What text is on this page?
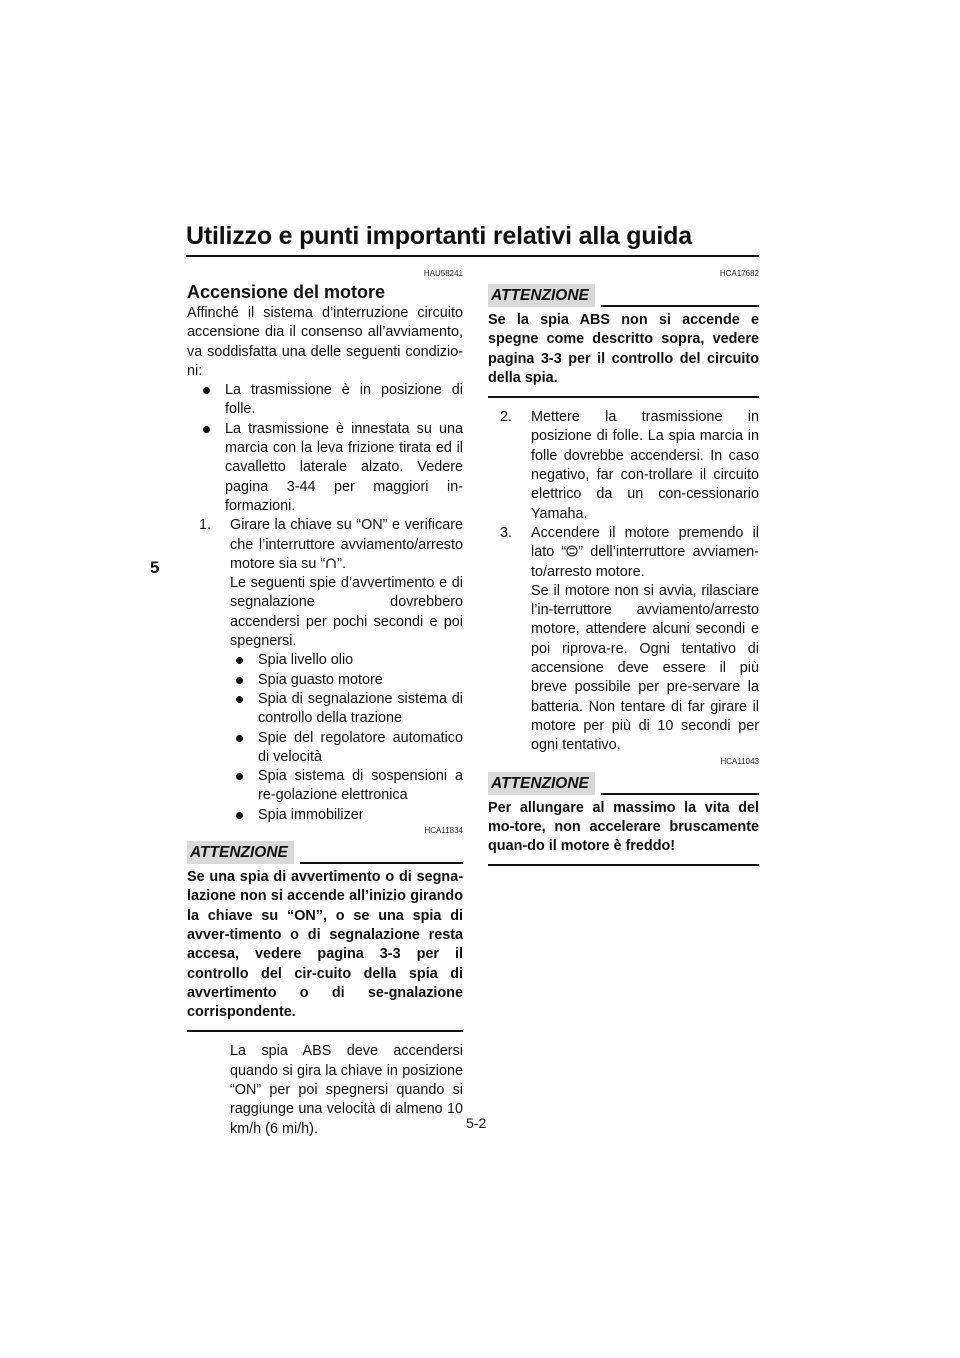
Utilizzo e punti importanti relativi alla guida
5
HAU58241
Accensione del motore
Affinché il sistema d’interruzione circuito accensione dia il consenso all’avviamento, va soddisfatta una delle seguenti condizio-ni:
La trasmissione è in posizione di folle.
La trasmissione è innestata su una marcia con la leva frizione tirata ed il cavalletto laterale alzato. Vedere pagina 3-44 per maggiori in-formazioni.
1. Girare la chiave su “ON” e verificare che l’interruttore avviamento/arresto motore sia su “ ”.
Le seguenti spie d’avvertimento e di segnalazione dovrebbero accendersi per pochi secondi e poi spegnersi.
Spia livello olio
Spia guasto motore
Spia di segnalazione sistema di controllo della trazione
Spie del regolatore automatico di velocità
Spia sistema di sospensioni a re-golazione elettronica
Spia immobilizer
HCA11834
ATTENZIONE
Se una spia di avvertimento o di segna-lazione non si accende all’inizio girando la chiave su “ON”, o se una spia di avver-timento o di segnalazione resta accesa, vedere pagina 3-3 per il controllo del cir-cuito della spia di avvertimento o di se-gnalazione corrispondente.
La spia ABS deve accendersi quando si gira la chiave in posizione “ON” per poi spegnersi quando si raggiunge una velocità di almeno 10 km/h (6 mi/h).
HCA17682
ATTENZIONE
Se la spia ABS non si accende e spegne come descritto sopra, vedere pagina 3-3 per il controllo del circuito della spia.
2. Mettere la trasmissione in posizione di folle. La spia marcia in folle dovrebbe accendersi. In caso negativo, far con-trollare il circuito elettrico da un con-cessionario Yamaha.
3. Accendere il motore premendo il lato “ ” dell’interruttore avviamen-to/arresto motore.
Se il motore non si avvia, rilasciare l’in-terruttore avviamento/arresto motore, attendere alcuni secondi e poi riprova-re. Ogni tentativo di accensione deve essere il più breve possibile per pre-servare la batteria. Non tentare di far girare il motore per più di 10 secondi per ogni tentativo.
HCA11043
ATTENZIONE
Per allungare al massimo la vita del mo-tore, non accelerare bruscamente quan-do il motore è freddo!
5-2
